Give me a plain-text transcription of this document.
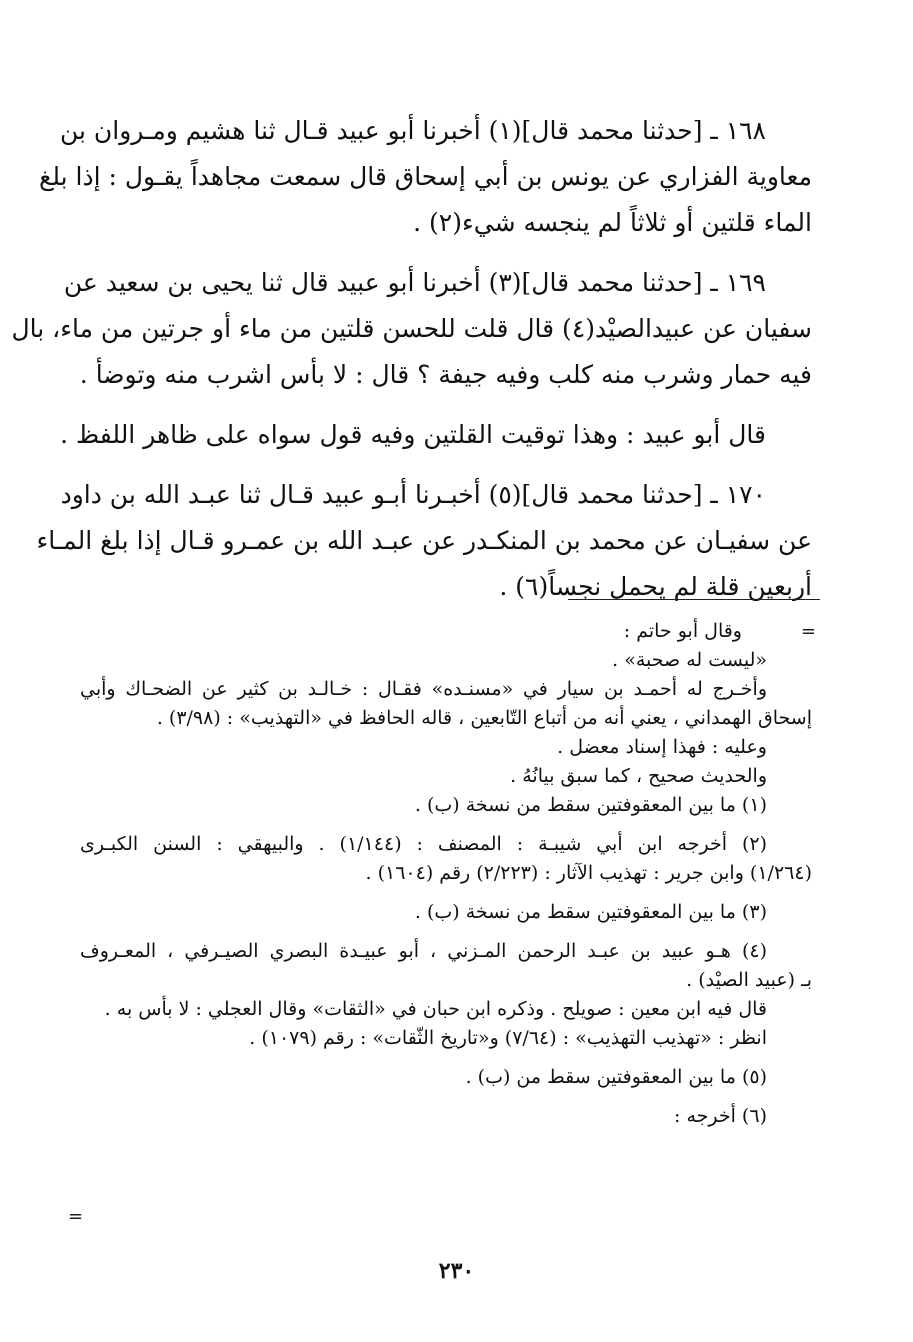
١٦٨ ـ [حدثنا محمد قال](١) أخبرنا أبو عبيد قـال ثنا هشيم ومـروان بن
معاوية الفزاري عن يونس بن أبي إسحاق قال سمعت مجاهداً يقـول : إذا بلغ
الماء قلتين أو ثلاثاً لم ينجسه شيء(٢) .

١٦٩ ـ [حدثنا محمد قال](٣) أخبرنا أبو عبيد قال ثنا يحيى بن سعيد عن
سفيان عن عبيدالصيْد(٤) قال قلت للحسن قلتين من ماء أو جرتين من ماء، بال
فيه حمار وشرب منه كلب وفيه جيفة ؟ قال : لا بأس اشرب منه وتوضأ .

قال أبو عبيد : وهذا توقيت القلتين وفيه قول سواه على ظاهر اللفظ .

١٧٠ ـ [حدثنا محمد قال](٥) أخبـرنا أبـو عبيد قـال ثنا عبـد الله بن داود
عن سفيـان عن محمد بن المنكـدر عن عبـد الله بن عمـرو قـال إذا بلغ المـاء
أربعين قلة لم يحمل نجساً(٦) .

=

وقال أبو حاتم :

«ليست له صحبة» .

وأخـرج له أحمـد بن سيار في «مسنـده» فقـال : خـالـد بن كثير عن الضحـاك وأبي

إسحاق الهمداني ، يعني أنه من أتباع التّابعين ، قاله الحافظ في «التهذيب» : (٣/٩٨) .

وعليه : فهذا إسناد معضل .

والحديث صحيح ، كما سبق بيانُهُ .

(١) ما بين المعقوفتين سقط من نسخة (ب) .

(٢) أخرجه ابن أبي شيبـة : المصنف : (١/١٤٤) . والبيهقي : السنن الكبـرى

(١/٢٦٤) وابن جرير : تهذيب الآثار : (٢/٢٢٣) رقم (١٦٠٤) .

(٣) ما بين المعقوفتين سقط من نسخة (ب) .

(٤) هـو عبيد بن عبـد الرحمن المـزني ، أبو عبيـدة البصري الصيـرفي ، المعـروف

بـ (عبيد الصيْد) .

قال فيه ابن معين : صويلح . وذكره ابن حبان في «الثقات» وقال العجلي : لا بأس به .

انظر : «تهذيب التهذيب» : (٧/٦٤) و«تاريخ الثّقات» : رقم (١٠٧٩) .

(٥) ما بين المعقوفتين سقط من (ب) .

(٦) أخرجه :

=
٢٣٠
